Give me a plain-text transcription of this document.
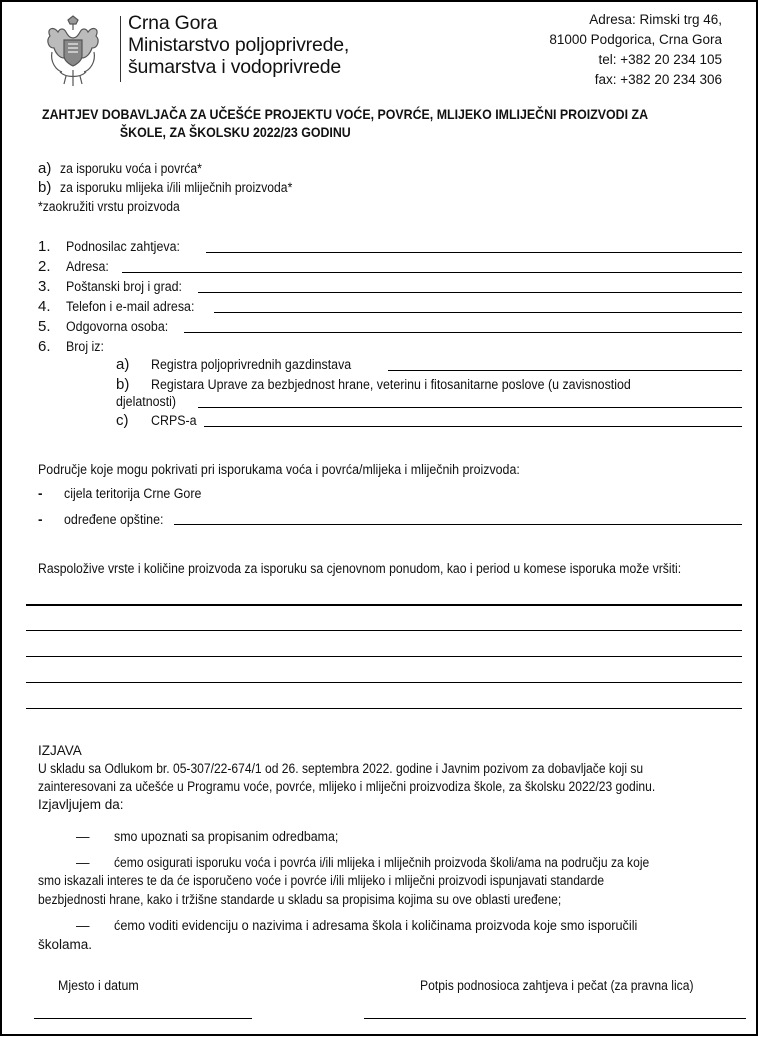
Crna Gora
Ministarstvo poljoprivrede,
šumarstva i vodoprivrede
Adresa: Rimski trg 46,
81000 Podgorica, Crna Gora
tel: +382 20 234 105
fax: +382 20 234 306
ZAHTJEV DOBAVLJAČA ZA UČEŠĆE PROJEKTU VOĆE, POVRĆE, MLIJEKO IMLIJEČNI PROIZVODI ZA
ŠKOLE, ZA ŠKOLSKU 2022/23 GODINU
a) za isporuku voća i povrća*
b) za isporuku mlijeka i/ili mliječnih proizvoda*
*zaokružiti vrstu proizvoda
1. Podnosilac zahtjeva:
2. Adresa:
3. Poštanski broj i grad:
4. Telefon i e-mail adresa:
5. Odgovorna osoba:
6. Broj iz:
a) Registra poljoprivrednih gazdinstava
b) Registara Uprave za bezbjednost hrane, veterinu i fitosanitarne poslove (u zavisnostiod
djelatnosti)
c) CRPS-a
Područje koje mogu pokrivati pri isporukama voća i povrća/mlijeka i mliječnih proizvoda:
- cijela teritorija Crne Gore
- određene opštine:
Raspoložive vrste i količine proizvoda za isporuku sa cjenovnom ponudom, kao i period u komese isporuka može vršiti:
IZJAVA
U skladu sa Odlukom br. 05-307/22-674/1 od 26. septembra 2022. godine i Javnim pozivom za dobavljače koji su
zainteresovani za učešće u Programu voće, povrće, mlijeko i mliječni proizvodiza škole, za školsku 2022/23 godinu.
Izjavljujem da:
— smo upoznati sa propisanim odredbama;
— ćemo osigurati isporuku voća i povrća i/ili mlijeka i mliječnih proizvoda školi/ama na području za koje
smo iskazali interes te da će isporučeno voće i povrće i/ili mlijeko i mliječni proizvodi ispunjavati standarde
bezbjednosti hrane, kako i tržišne standarde u skladu sa propisima kojima su ove oblasti uređene;
— ćemo voditi evidenciju o nazivima i adresama škola i količinama proizvoda koje smo isporučili
školama.
Mjesto i datum	Potpis podnosioca zahtjeva i pečat (za pravna lica)
